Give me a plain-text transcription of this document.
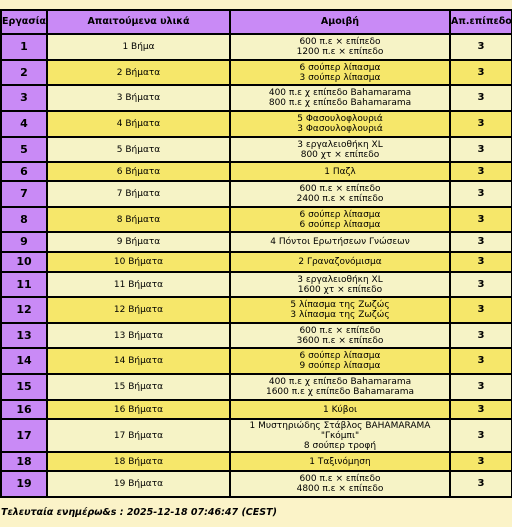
Εργασία	Απαιτούμενα υλικά	Αμοιβή	Απ.επίπεδο
1	1 Βήμα	600 π.ε × επίπεδο
1200 π.ε × επίπεδο	3
2	2 Βήματα	6 σούπερ λίπασμα
3 σούπερ λίπασμα	3
3	3 Βήματα	400 π.ε χ επίπεδο Bahamarama
800 π.ε χ επίπεδο Bahamarama	3
4	4 Βήματα	5 Φασουλοφλουριά
3 Φασουλοφλουριά	3
5	5 Βήματα	3 εργαλειοθήκη XL
800 χτ × επίπεδο	3
6	6 Βήματα	1 Παζλ	3
7	7 Βήματα	600 π.ε × επίπεδο
2400 π.ε × επίπεδο	3
8	8 Βήματα	6 σούπερ λίπασμα
6 σούπερ λίπασμα	3
9	9 Βήματα	4 Πόντοι Ερωτήσεων Γνώσεων	3
10	10 Βήματα	2 Γραναζονόμισμα	3
11	11 Βήματα	3 εργαλειοθήκη XL
1600 χτ × επίπεδο	3
12	12 Βήματα	5 λίπασμα της Ζωζώς
3 λίπασμα της Ζωζώς	3
13	13 Βήματα	600 π.ε × επίπεδο
3600 π.ε × επίπεδο	3
14	14 Βήματα	6 σούπερ λίπασμα
9 σούπερ λίπασμα	3
15	15 Βήματα	400 π.ε χ επίπεδο Bahamarama
1600 π.ε χ επίπεδο Bahamarama	3
16	16 Βήματα	1 Κύβοι	3
17	17 Βήματα	1 Μυστηριώδης Στάβλος BAHAMARAMA
"Γκόμπι"
8 σούπερ τροφή	3
18	18 Βήματα	1 Ταξινόμηση	3
19	19 Βήματα	600 π.ε × επίπεδο
4800 π.ε × επίπεδο	3
Τελευταία ενημέρω&s : 2025-12-18 07:46:47 (CEST)
